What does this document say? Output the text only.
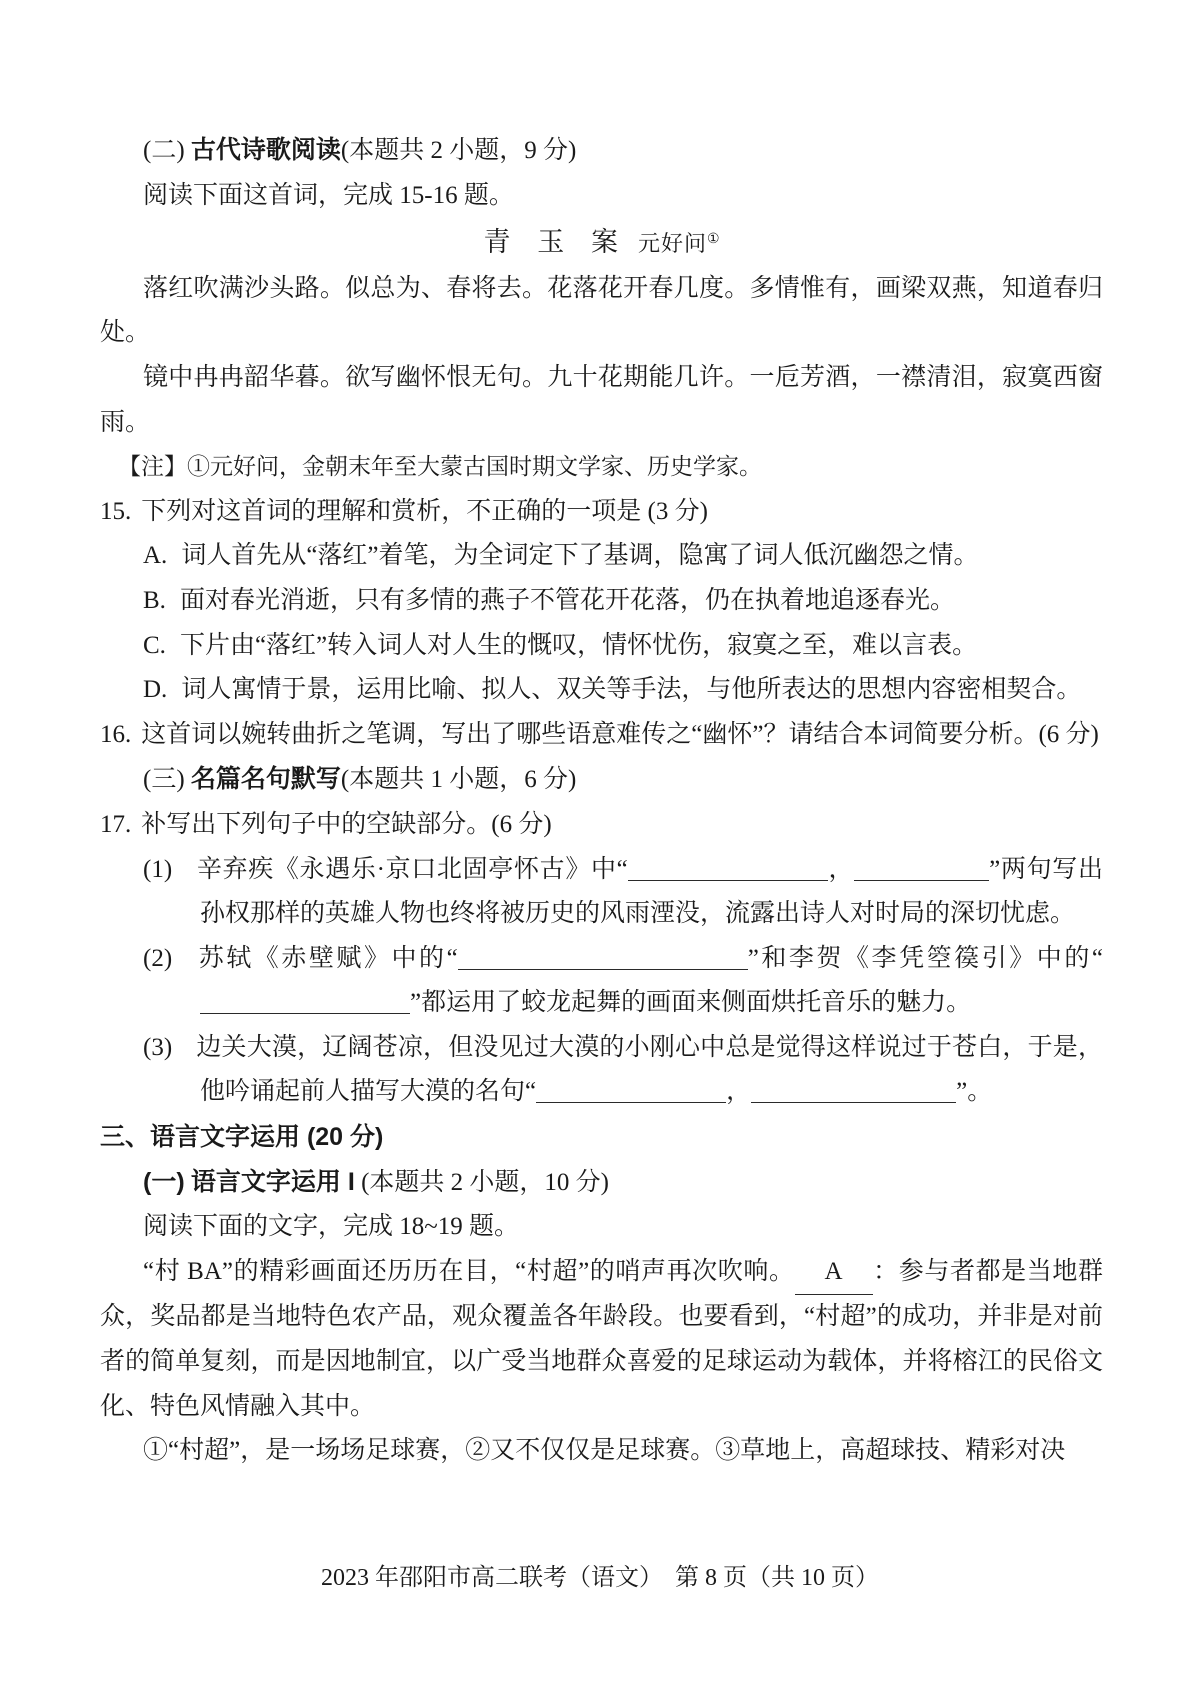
(二) 古代诗歌阅读(本题共 2 小题，9 分)

阅读下面这首词，完成 15-16 题。

青 玉 案 元好问①

落红吹满沙头路。似总为、春将去。花落花开春几度。多情惟有，画梁双燕，知道春归处。

镜中冉冉韶华暮。欲写幽怀恨无句。九十花期能几许。一卮芳酒，一襟清泪，寂寞西窗雨。

【注】①元好问，金朝末年至大蒙古国时期文学家、历史学家。

15. 下列对这首词的理解和赏析，不正确的一项是 (3 分)

A. 词人首先从“落红”着笔，为全词定下了基调，隐寓了词人低沉幽怨之情。

B. 面对春光消逝，只有多情的燕子不管花开花落，仍在执着地追逐春光。

C. 下片由“落红”转入词人对人生的慨叹，情怀忧伤，寂寞之至，难以言表。

D. 词人寓情于景，运用比喻、拟人、双关等手法，与他所表达的思想内容密相契合。

16. 这首词以婉转曲折之笔调，写出了哪些语意难传之“幽怀”？请结合本词简要分析。(6 分)

(三) 名篇名句默写(本题共 1 小题，6 分)

17. 补写出下列句子中的空缺部分。(6 分)

(1) 辛弃疾《永遇乐·京口北固亭怀古》中“	，	”两句写出孙权那样的英雄人物也终将被历史的风雨湮没，流露出诗人对时局的深切忧虑。

(2) 苏轼《赤壁赋》中的“	”和李贺《李凭箜篌引》中的“”都运用了蛟龙起舞的画面来侧面烘托音乐的魅力。

(3) 边关大漠，辽阔苍凉，但没见过大漠的小刚心中总是觉得这样说过于苍白，于是，他吟诵起前人描写大漠的名句“	，	”。

三、语言文字运用 (20 分)

(一) 语言文字运用 I (本题共 2 小题，10 分)

阅读下面的文字，完成 18~19 题。

“村 BA”的精彩画面还历历在目，“村超”的哨声再次吹响。 A ：参与者都是当地群众，奖品都是当地特色农产品，观众覆盖各年龄段。也要看到，“村超”的成功，并非是对前者的简单复刻，而是因地制宜，以广受当地群众喜爱的足球运动为载体，并将榕江的民俗文化、特色风情融入其中。

①“村超”，是一场场足球赛，②又不仅仅是足球赛。③草地上，高超球技、精彩对决

2023 年邵阳市高二联考（语文）　第 8 页（共 10 页）
